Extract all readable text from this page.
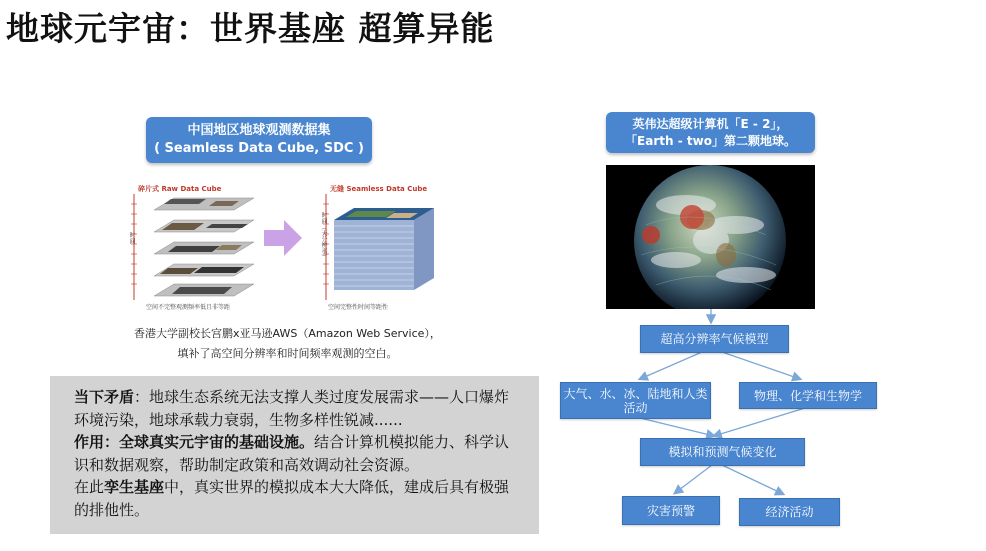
地球元宇宙：世界基座 超算异能
中国地区地球观测数据集
( Seamless Data Cube, SDC )
碎片式 Raw Data Cube	无缝 Seamless Data Cube
时间	时间（天分辨率）
空间不完整观测频率低且非等距	空间完整性时间等距性
香港大学副校长宫鹏x亚马逊AWS（Amazon Web Service），
填补了高空间分辨率和时间频率观测的空白。
当下矛盾：地球生态系统无法支撑人类过度发展需求——人口爆炸环境污染，地球承载力衰弱，生物多样性锐减......
作用：全球真实元宇宙的基础设施。结合计算机模拟能力、科学认识和数据观察，帮助制定政策和高效调动社会资源。
在此孪生基座中，真实世界的模拟成本大大降低，建成后具有极强的排他性。
英伟达超级计算机「E - 2」，
「Earth - two」第二颗地球。
超高分辨率气候模型
大气、水、冰、陆地和人类活动
物理、化学和生物学
模拟和预测气候变化
灾害预警	经济活动
